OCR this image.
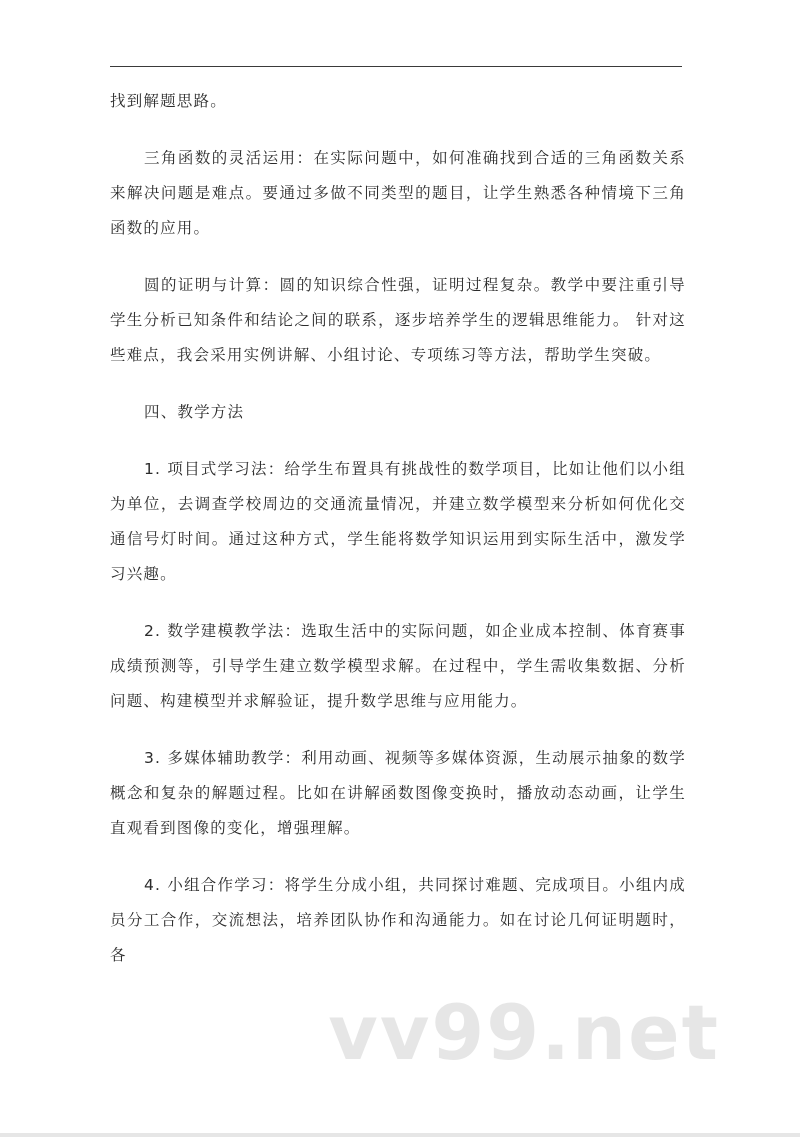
找到解题思路。

三角函数的灵活运用：在实际问题中，如何准确找到合适的三角函数关系来解决问题是难点。要通过多做不同类型的题目，让学生熟悉各种情境下三角函数的应用。

圆的证明与计算：圆的知识综合性强，证明过程复杂。教学中要注重引导学生分析已知条件和结论之间的联系，逐步培养学生的逻辑思维能力。 针对这些难点，我会采用实例讲解、小组讨论、专项练习等方法，帮助学生突破。

四、教学方法

1. 项目式学习法：给学生布置具有挑战性的数学项目，比如让他们以小组为单位，去调查学校周边的交通流量情况，并建立数学模型来分析如何优化交通信号灯时间。通过这种方式，学生能将数学知识运用到实际生活中，激发学习兴趣。

2. 数学建模教学法：选取生活中的实际问题，如企业成本控制、体育赛事成绩预测等，引导学生建立数学模型求解。在过程中，学生需收集数据、分析问题、构建模型并求解验证，提升数学思维与应用能力。

3. 多媒体辅助教学：利用动画、视频等多媒体资源，生动展示抽象的数学概念和复杂的解题过程。比如在讲解函数图像变换时，播放动态动画，让学生直观看到图像的变化，增强理解。

4. 小组合作学习：将学生分成小组，共同探讨难题、完成项目。小组内成员分工合作，交流想法，培养团队协作和沟通能力。如在讨论几何证明题时，各

vv99.net
